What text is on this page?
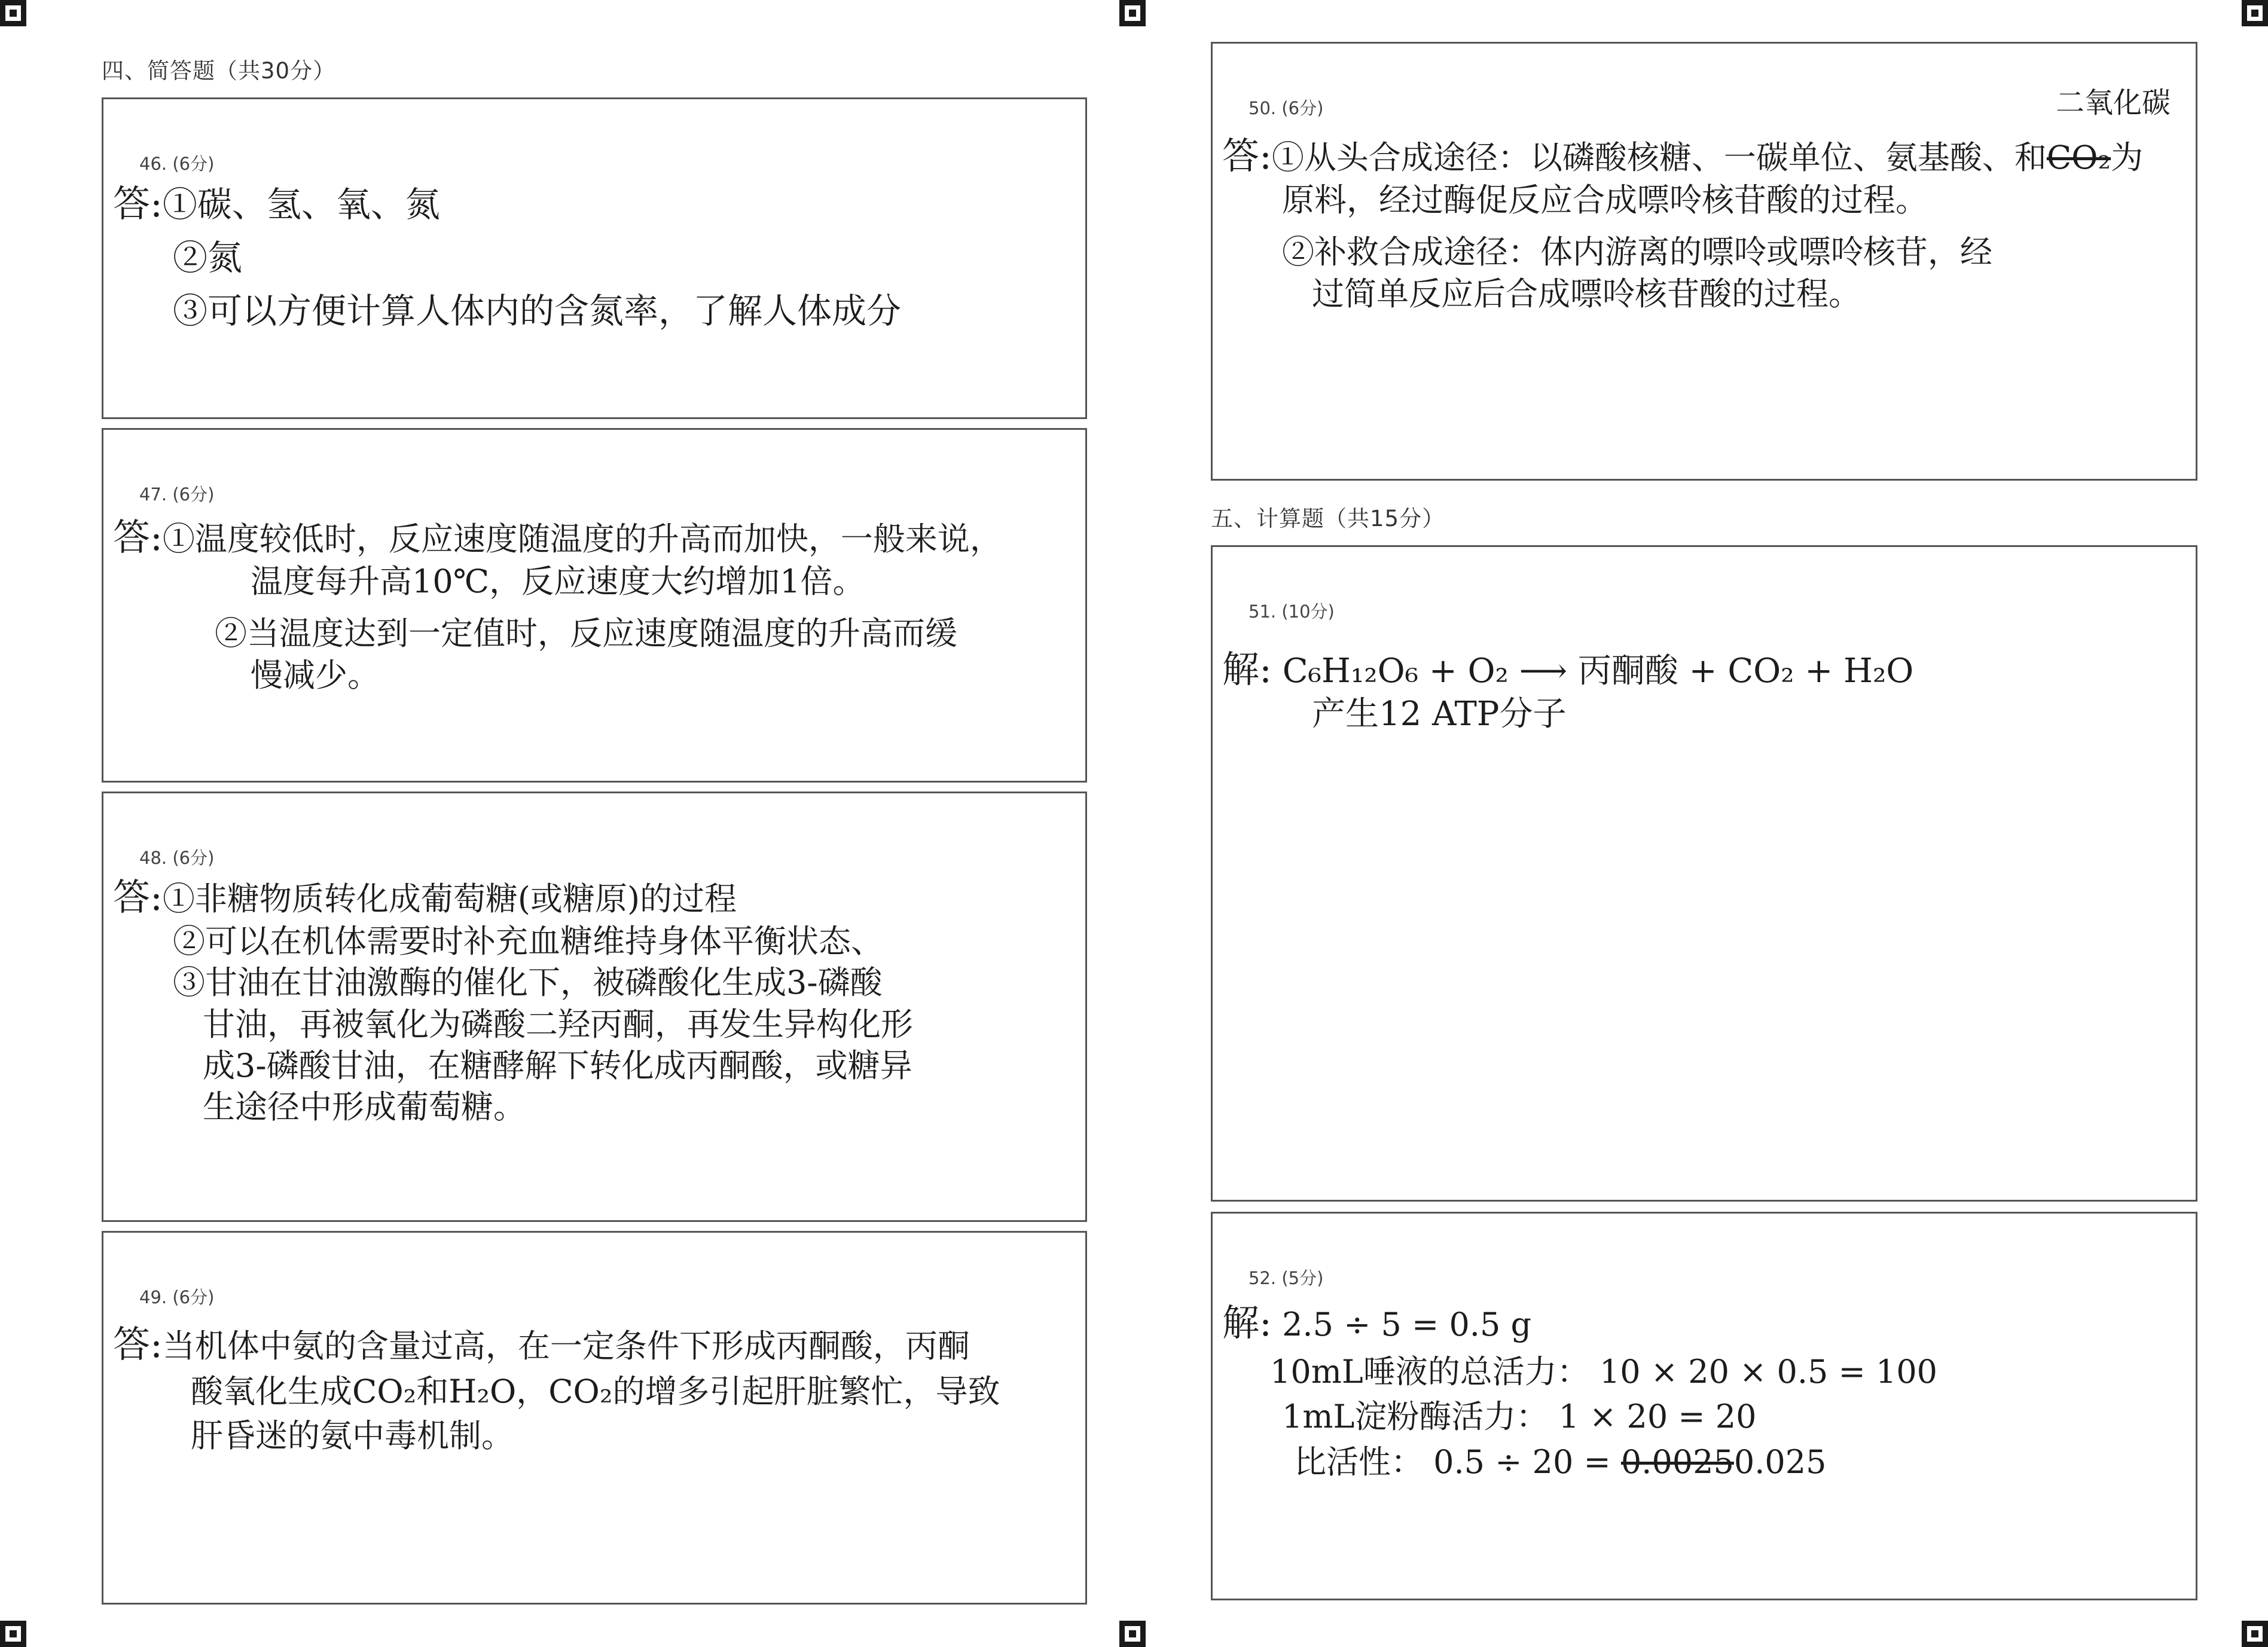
四、简答题（共30分）
46. (6分)
答:①碳、氢、氧、氮
②氮
③可以方便计算人体内的含氮率，了解人体成分
47. (6分)
答:①温度较低时，反应速度随温度的升高而加快，一般来说，
温度每升高10℃，反应速度大约增加1倍。
②当温度达到一定值时，反应速度随温度的升高而缓
慢减少。
48. (6分)
答:①非糖物质转化成葡萄糖(或糖原)的过程
②可以在机体需要时补充血糖维持身体平衡状态、
③甘油在甘油激酶的催化下，被磷酸化生成3-磷酸
甘油，再被氧化为磷酸二羟丙酮，再发生异构化形
成3-磷酸甘油，在糖酵解下转化成丙酮酸，或糖异
生途径中形成葡萄糖。
49. (6分)
答:当机体中氨的含量过高，在一定条件下形成丙酮酸，丙酮
酸氧化生成CO₂和H₂O，CO₂的增多引起肝脏繁忙，导致
肝昏迷的氨中毒机制。
50. (6分)	二氧化碳
答:①从头合成途径：以磷酸核糖、一碳单位、氨基酸、和CO₂为
原料，经过酶促反应合成嘌呤核苷酸的过程。
②补救合成途径：体内游离的嘌呤或嘌呤核苷，经
过简单反应后合成嘌呤核苷酸的过程。
五、计算题（共15分）
51. (10分)
解: C₆H₁₂O₆ + O₂ ⟶ 丙酮酸 + CO₂ + H₂O
产生12 ATP分子
52. (5分)
解: 2.5 ÷ 5 = 0.5 g
10mL唾液的总活力： 10 × 20 × 0.5 = 100
1mL淀粉酶活力： 1 × 20 = 20
比活性： 0.5 ÷ 20 = 0.00250.025
